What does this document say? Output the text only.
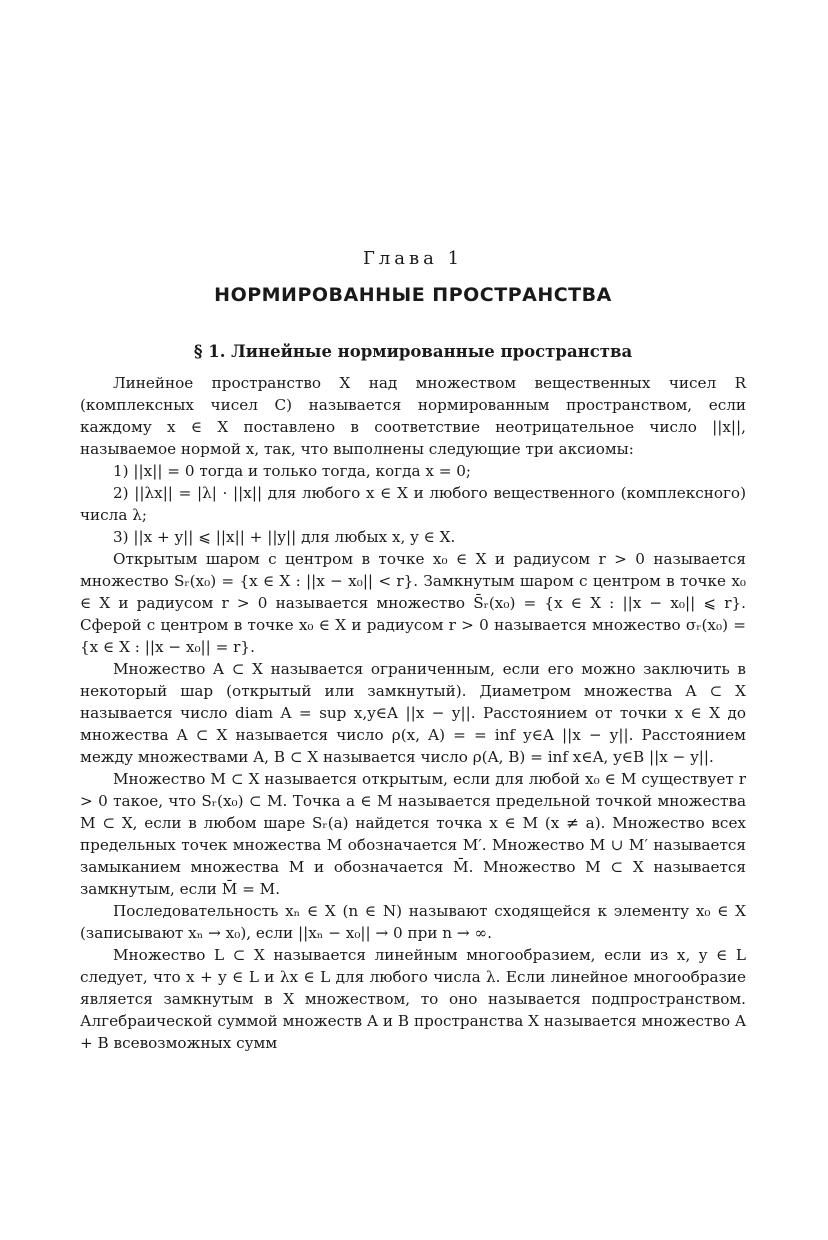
Глава 1
НОРМИРОВАННЫЕ ПРОСТРАНСТВА
§ 1. Линейные нормированные пространства

Линейное пространство X над множеством вещественных чисел R (комплексных чисел C) называется нормированным пространством, если каждому x ∈ X поставлено в соответствие неотрицательное число ||x||, называемое нормой x, так, что выполнены следующие три аксиомы:

1) ||x|| = 0 тогда и только тогда, когда x = 0;

2) ||λx|| = |λ| · ||x|| для любого x ∈ X и любого вещественного (комплексного) числа λ;

3) ||x + y|| ⩽ ||x|| + ||y|| для любых x, y ∈ X.

Открытым шаром с центром в точке x₀ ∈ X и радиусом r > 0 называется множество Sᵣ(x₀) = {x ∈ X : ||x − x₀|| < r}. Замкнутым шаром с центром в точке x₀ ∈ X и радиусом r > 0 называется множество S̄ᵣ(x₀) = {x ∈ X : ||x − x₀|| ⩽ r}. Сферой с центром в точке x₀ ∈ X и радиусом r > 0 называется множество σᵣ(x₀) = {x ∈ X : ||x − x₀|| = r}.

Множество A ⊂ X называется ограниченным, если его можно заключить в некоторый шар (открытый или замкнутый). Диаметром множества A ⊂ X называется число diam A = sup x,y∈A ||x − y||. Расстоянием от точки x ∈ X до множества A ⊂ X называется число ρ(x, A) = = inf y∈A ||x − y||. Расстоянием между множествами A, B ⊂ X называется число ρ(A, B) = inf x∈A, y∈B ||x − y||.

Множество M ⊂ X называется открытым, если для любой x₀ ∈ M существует r > 0 такое, что Sᵣ(x₀) ⊂ M. Точка a ∈ M называется предельной точкой множества M ⊂ X, если в любом шаре Sᵣ(a) найдется точка x ∈ M (x ≠ a). Множество всех предельных точек множества M обозначается M′. Множество M ∪ M′ называется замыканием множества M и обозначается M̄. Множество M ⊂ X называется замкнутым, если M̄ = M.

Последовательность xₙ ∈ X (n ∈ N) называют сходящейся к элементу x₀ ∈ X (записывают xₙ → x₀), если ||xₙ − x₀|| → 0 при n → ∞.

Множество L ⊂ X называется линейным многообразием, если из x, y ∈ L следует, что x + y ∈ L и λx ∈ L для любого числа λ. Если линейное многообразие является замкнутым в X множеством, то оно называется подпространством. Алгебраической суммой множеств A и B пространства X называется множество A + B всевозможных сумм
